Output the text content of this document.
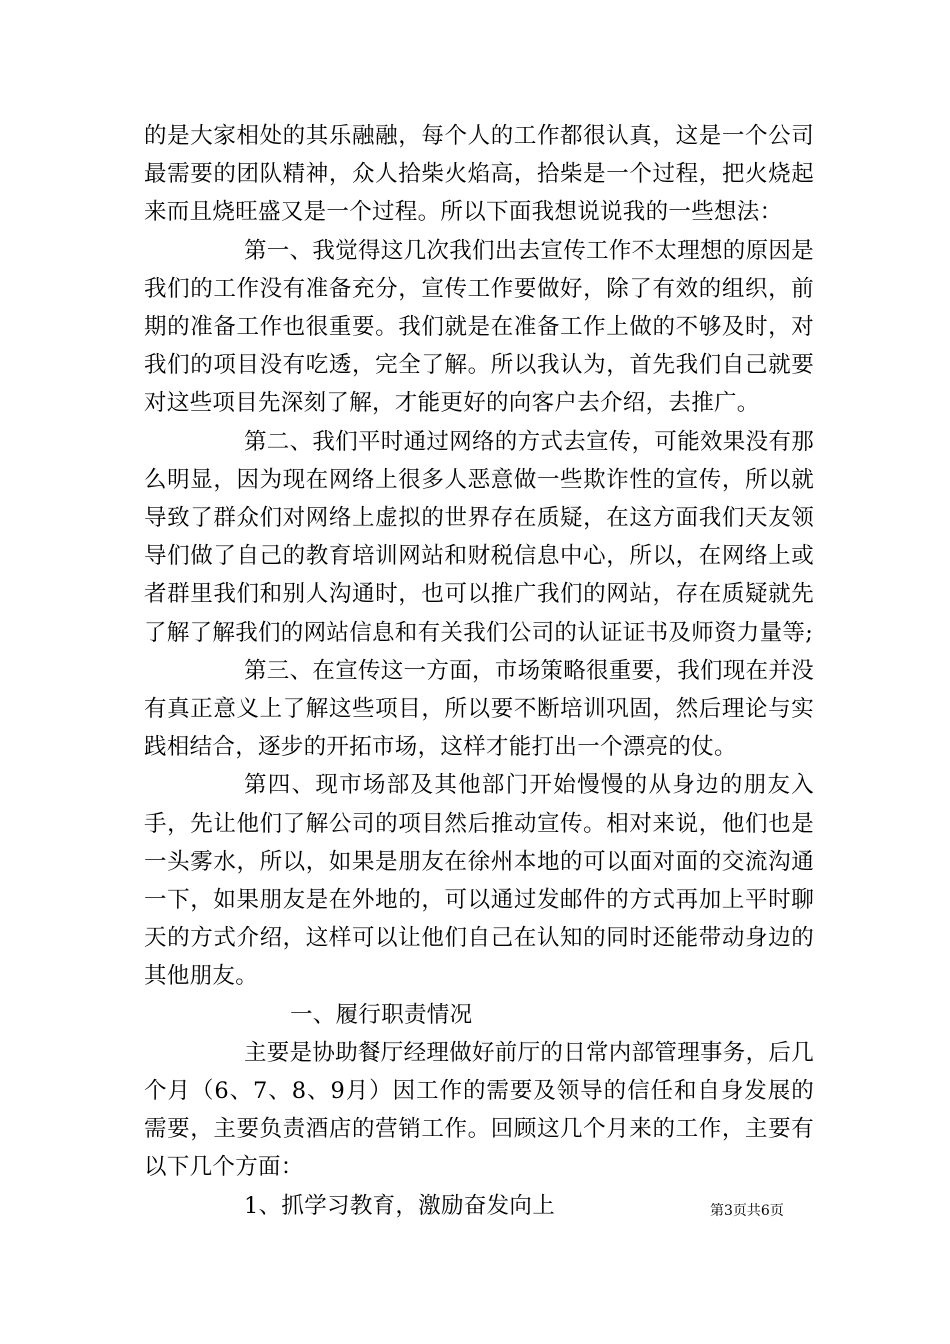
的是大家相处的其乐融融，每个人的工作都很认真，这是一个公司最需要的团队精神，众人拾柴火焰高，拾柴是一个过程，把火烧起来而且烧旺盛又是一个过程。所以下面我想说说我的一些想法：

第一、我觉得这几次我们出去宣传工作不太理想的原因是我们的工作没有准备充分，宣传工作要做好，除了有效的组织，前期的准备工作也很重要。我们就是在准备工作上做的不够及时，对我们的项目没有吃透，完全了解。所以我认为，首先我们自己就要对这些项目先深刻了解，才能更好的向客户去介绍，去推广。

第二、我们平时通过网络的方式去宣传，可能效果没有那么明显，因为现在网络上很多人恶意做一些欺诈性的宣传，所以就导致了群众们对网络上虚拟的世界存在质疑，在这方面我们天友领导们做了自己的教育培训网站和财税信息中心，所以，在网络上或者群里我们和别人沟通时，也可以推广我们的网站，存在质疑就先了解了解我们的网站信息和有关我们公司的认证证书及师资力量等;

第三、在宣传这一方面，市场策略很重要，我们现在并没有真正意义上了解这些项目，所以要不断培训巩固，然后理论与实践相结合，逐步的开拓市场，这样才能打出一个漂亮的仗。

第四、现市场部及其他部门开始慢慢的从身边的朋友入手，先让他们了解公司的项目然后推动宣传。相对来说，他们也是一头雾水，所以，如果是朋友在徐州本地的可以面对面的交流沟通一下，如果朋友是在外地的，可以通过发邮件的方式再加上平时聊天的方式介绍，这样可以让他们自己在认知的同时还能带动身边的其他朋友。

一、履行职责情况

主要是协助餐厅经理做好前厅的日常内部管理事务，后几个月（6、7、8、9月）因工作的需要及领导的信任和自身发展的需要，主要负责酒店的营销工作。回顾这几个月来的工作，主要有以下几个方面：

1、抓学习教育，激励奋发向上	第3页共6页
